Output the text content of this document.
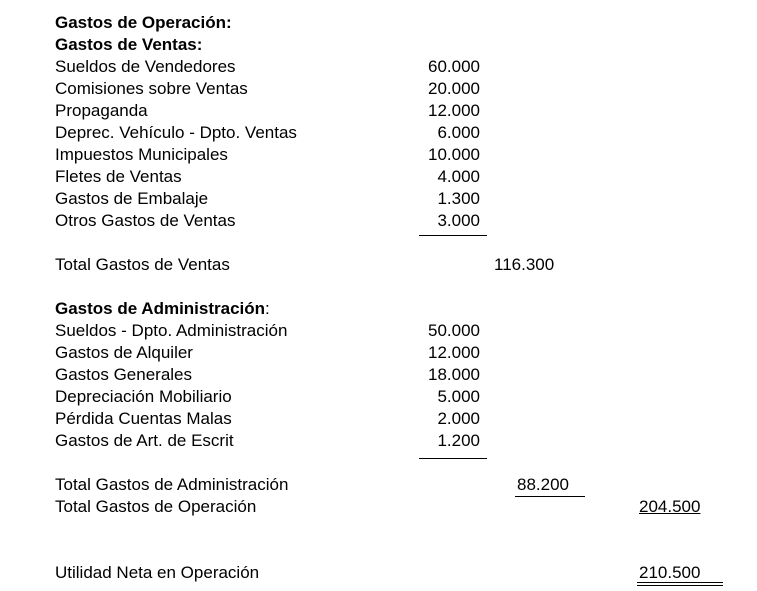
Gastos de Operación:
Gastos de Ventas:
Sueldos de Vendedores	60.000
Comisiones sobre Ventas	20.000
Propaganda	12.000
Deprec. Vehículo - Dpto. Ventas	6.000
Impuestos Municipales	10.000
Fletes de Ventas	4.000
Gastos de Embalaje	1.300
Otros Gastos de Ventas	3.000
Total Gastos de Ventas	116.300
Gastos de Administración:
Sueldos - Dpto. Administración	50.000
Gastos de Alquiler	12.000
Gastos Generales	18.000
Depreciación Mobiliario	5.000
Pérdida Cuentas Malas	2.000
Gastos de Art. de Escrit	1.200
Total Gastos de Administración	88.200
Total Gastos de Operación	204.500
Utilidad Neta en Operación	210.500
